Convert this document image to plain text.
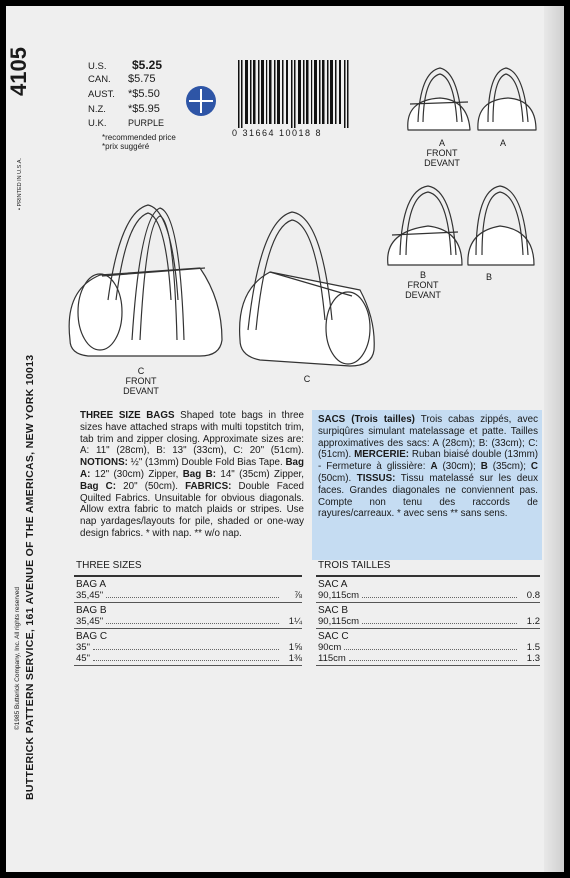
4105
BUTTERICK PATTERN SERVICE, 161 AVENUE OF THE AMERICAS, NEW YORK 10013
©1985 Butterick Company, Inc. All rights reserved
• PRINTED IN U.S.A.
U.S.	$5.25
CAN.	$5.75
AUST.	*$5.50
N.Z.	*$5.95
U.K.	PURPLE
*recommended price
*prix suggéré
0 31664 10018 8
A
FRONT
DEVANT
A
B
FRONT
DEVANT
B
C
FRONT
DEVANT
C
THREE SIZE BAGS Shaped tote bags in three sizes have attached straps with multi topstitch trim, tab trim and zipper closing. Approximate sizes are: A: 11" (28cm), B: 13" (33cm), C: 20" (51cm). NOTIONS: ½" (13mm) Double Fold Bias Tape. Bag A: 12" (30cm) Zipper, Bag B: 14" (35cm) Zipper, Bag C: 20" (50cm). FABRICS: Double Faced Quilted Fabrics. Unsuitable for obvious diagonals. Allow extra fabric to match plaids or stripes. Use nap yardages/layouts for pile, shaded or one-way design fabrics. * with nap. ** w/o nap.
SACS (Trois tailles) Trois cabas zippés, avec surpiqûres simulant matelassage et patte. Tailles approximatives des sacs: A (28cm); B: (33cm); C: (51cm). MERCERIE: Ruban biaisé double (13mm) - Fermeture à glissière: A (30cm); B (35cm); C (50cm). TISSUS: Tissu matelassé sur les deux faces. Grandes diagonales ne conviennent pas. Compte non tenu des raccords de rayures/carreaux. * avec sens ** sans sens.
THREE SIZES
BAG A
35,45"	⅞
BAG B
35,45"	1¼
BAG C
35"	1⅝
45"	1⅜
TROIS TAILLES
SAC A
90,115cm	0.8
SAC B
90,115cm	1.2
SAC C
90cm	1.5
115cm	1.3
